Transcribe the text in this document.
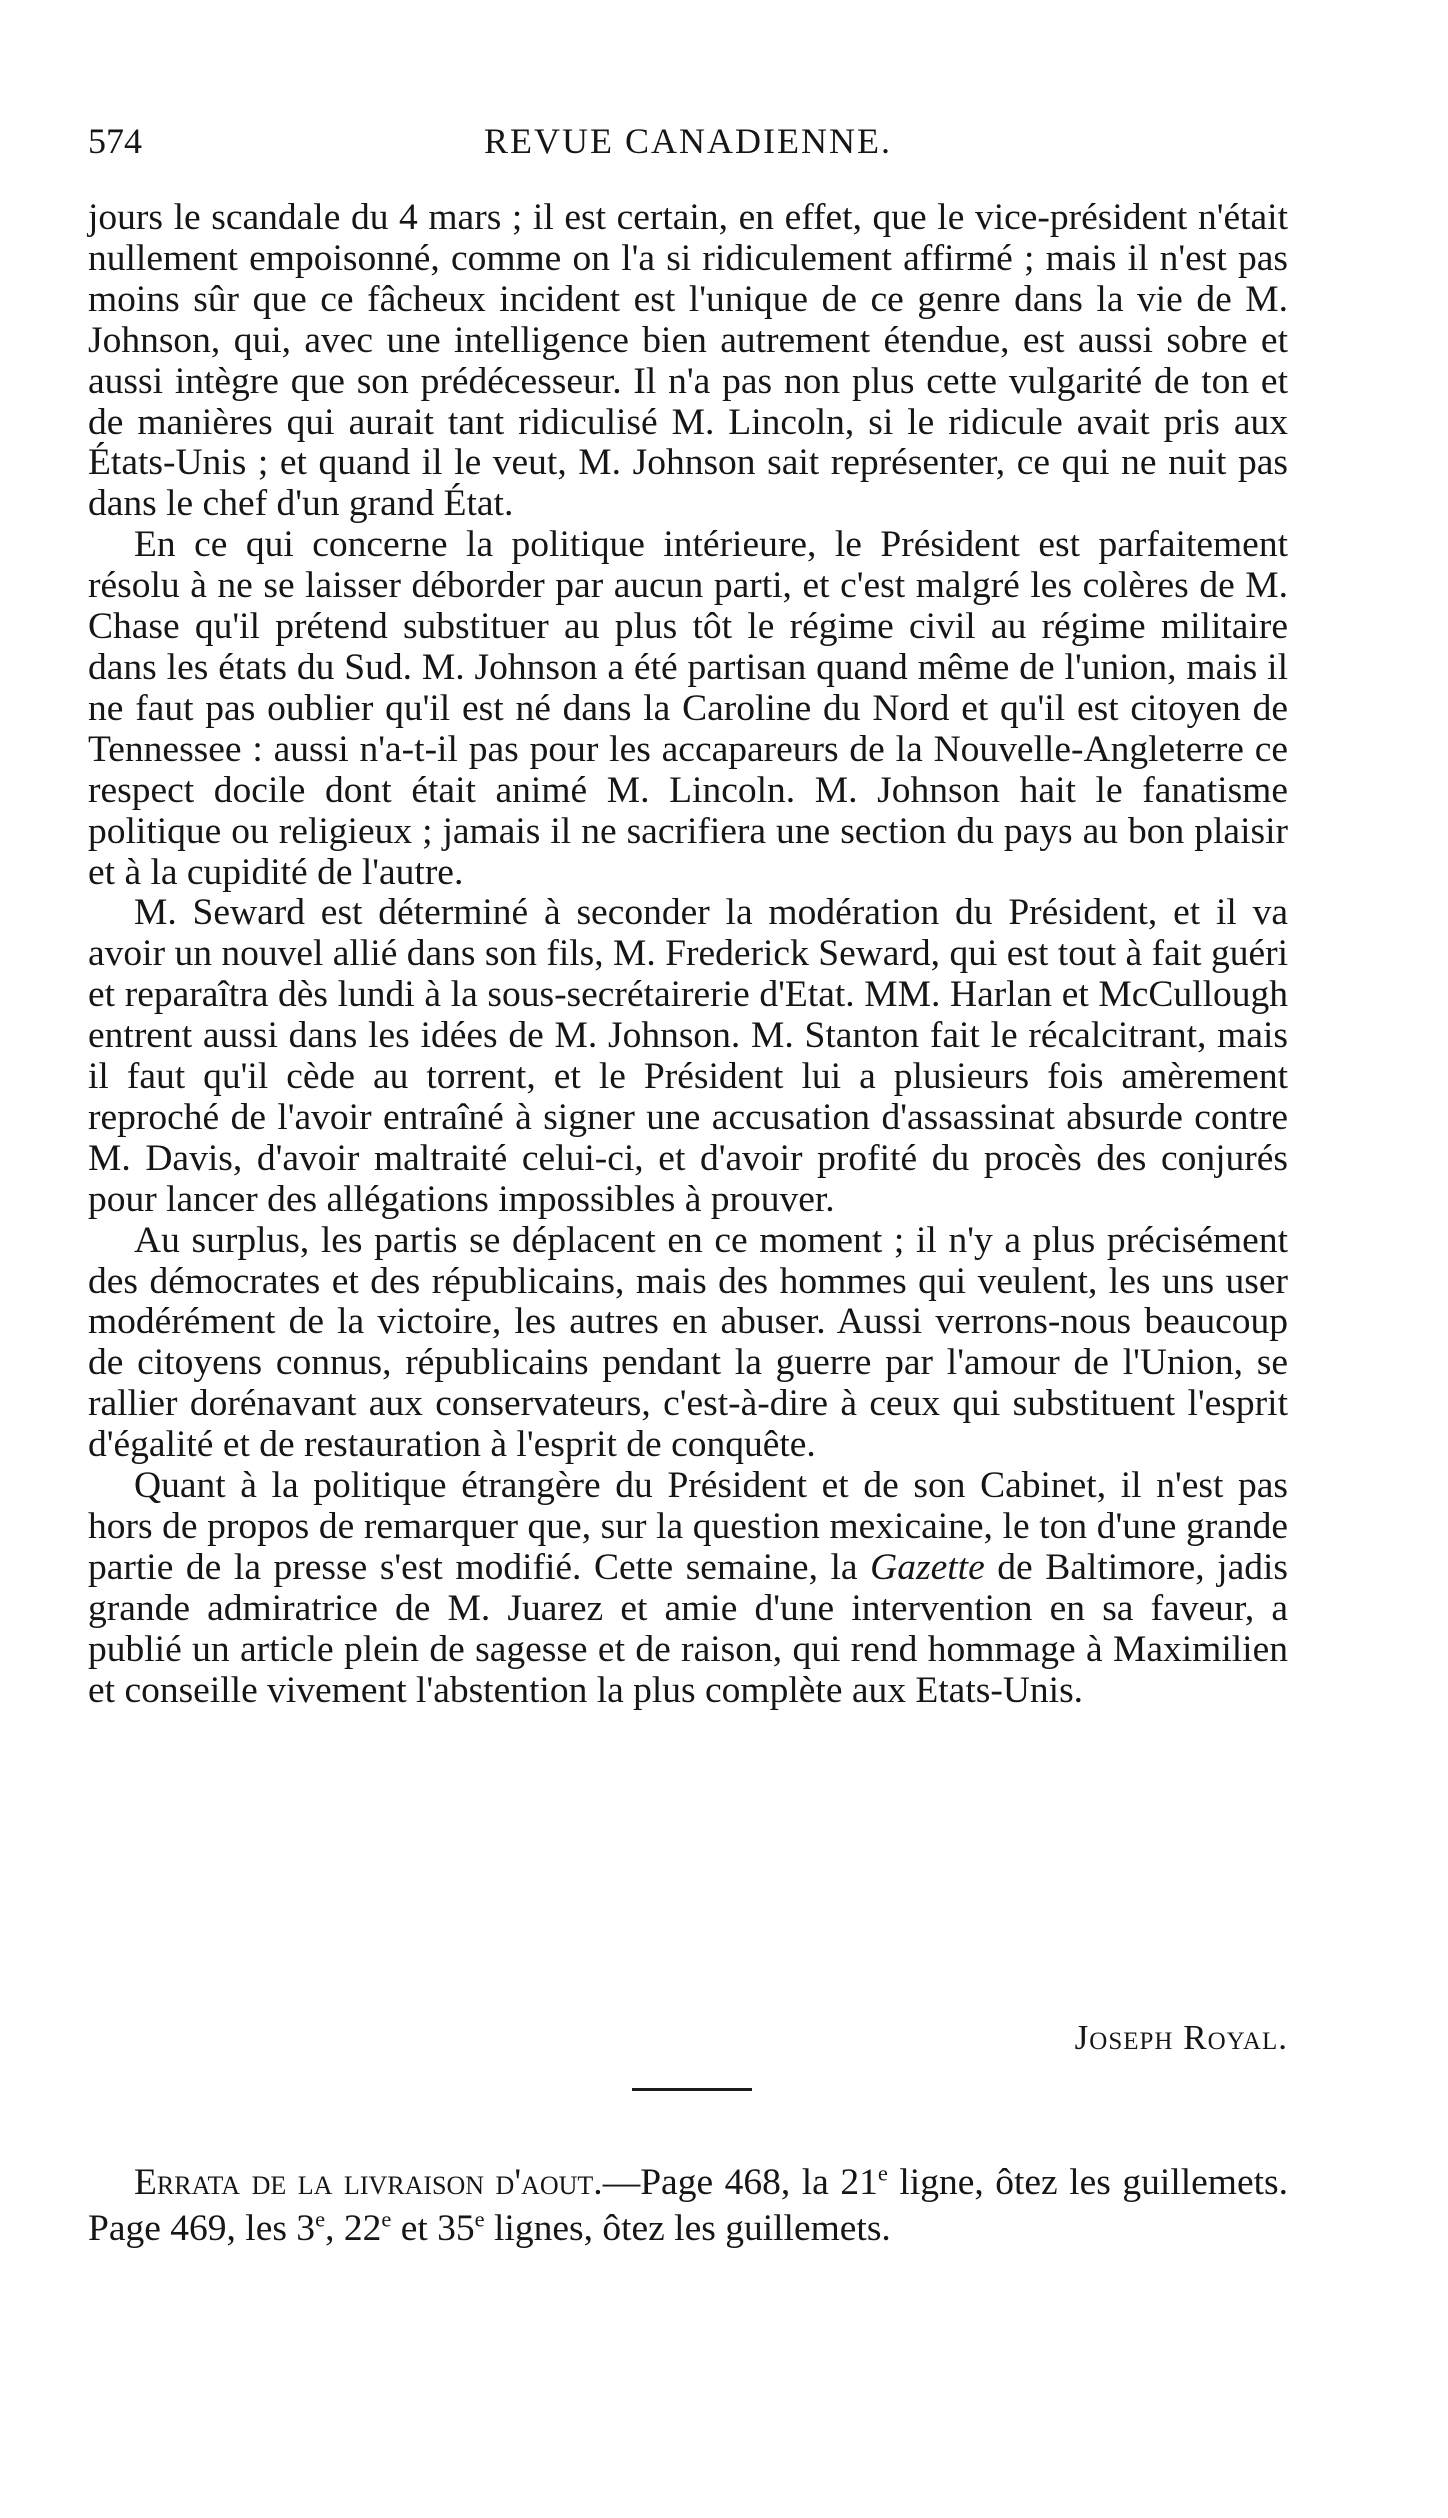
574	REVUE CANADIENNE.

jours le scandale du 4 mars ; il est certain, en effet, que le vice-président n'était nullement empoisonné, comme on l'a si ridiculement affirmé ; mais il n'est pas moins sûr que ce fâcheux incident est l'unique de ce genre dans la vie de M. Johnson, qui, avec une intelligence bien autrement étendue, est aussi sobre et aussi intègre que son prédécesseur. Il n'a pas non plus cette vulgarité de ton et de manières qui aurait tant ridiculisé M. Lincoln, si le ridicule avait pris aux États-Unis ; et quand il le veut, M. Johnson sait représenter, ce qui ne nuit pas dans le chef d'un grand État.

En ce qui concerne la politique intérieure, le Président est parfaitement résolu à ne se laisser déborder par aucun parti, et c'est malgré les colères de M. Chase qu'il prétend substituer au plus tôt le régime civil au régime militaire dans les états du Sud. M. Johnson a été partisan quand même de l'union, mais il ne faut pas oublier qu'il est né dans la Caroline du Nord et qu'il est citoyen de Tennessee : aussi n'a-t-il pas pour les accapareurs de la Nouvelle-Angleterre ce respect docile dont était animé M. Lincoln. M. Johnson hait le fanatisme politique ou religieux ; jamais il ne sacrifiera une section du pays au bon plaisir et à la cupidité de l'autre.

M. Seward est déterminé à seconder la modération du Président, et il va avoir un nouvel allié dans son fils, M. Frederick Seward, qui est tout à fait guéri et reparaîtra dès lundi à la sous-secrétairerie d'Etat. MM. Harlan et McCullough entrent aussi dans les idées de M. Johnson. M. Stanton fait le récalcitrant, mais il faut qu'il cède au torrent, et le Président lui a plusieurs fois amèrement reproché de l'avoir entraîné à signer une accusation d'assassinat absurde contre M. Davis, d'avoir maltraité celui-ci, et d'avoir profité du procès des conjurés pour lancer des allégations impossibles à prouver.

Au surplus, les partis se déplacent en ce moment ; il n'y a plus précisément des démocrates et des républicains, mais des hommes qui veulent, les uns user modérément de la victoire, les autres en abuser. Aussi verrons-nous beaucoup de citoyens connus, républicains pendant la guerre par l'amour de l'Union, se rallier dorénavant aux conservateurs, c'est-à-dire à ceux qui substituent l'esprit d'égalité et de restauration à l'esprit de conquête.

Quant à la politique étrangère du Président et de son Cabinet, il n'est pas hors de propos de remarquer que, sur la question mexicaine, le ton d'une grande partie de la presse s'est modifié. Cette semaine, la Gazette de Baltimore, jadis grande admiratrice de M. Juarez et amie d'une intervention en sa faveur, a publié un article plein de sagesse et de raison, qui rend hommage à Maximilien et conseille vivement l'abstention la plus complète aux Etats-Unis.

Joseph Royal.

Errata de la livraison d'aout.—Page 468, la 21e ligne, ôtez les guillemets. Page 469, les 3e, 22e et 35e lignes, ôtez les guillemets.
